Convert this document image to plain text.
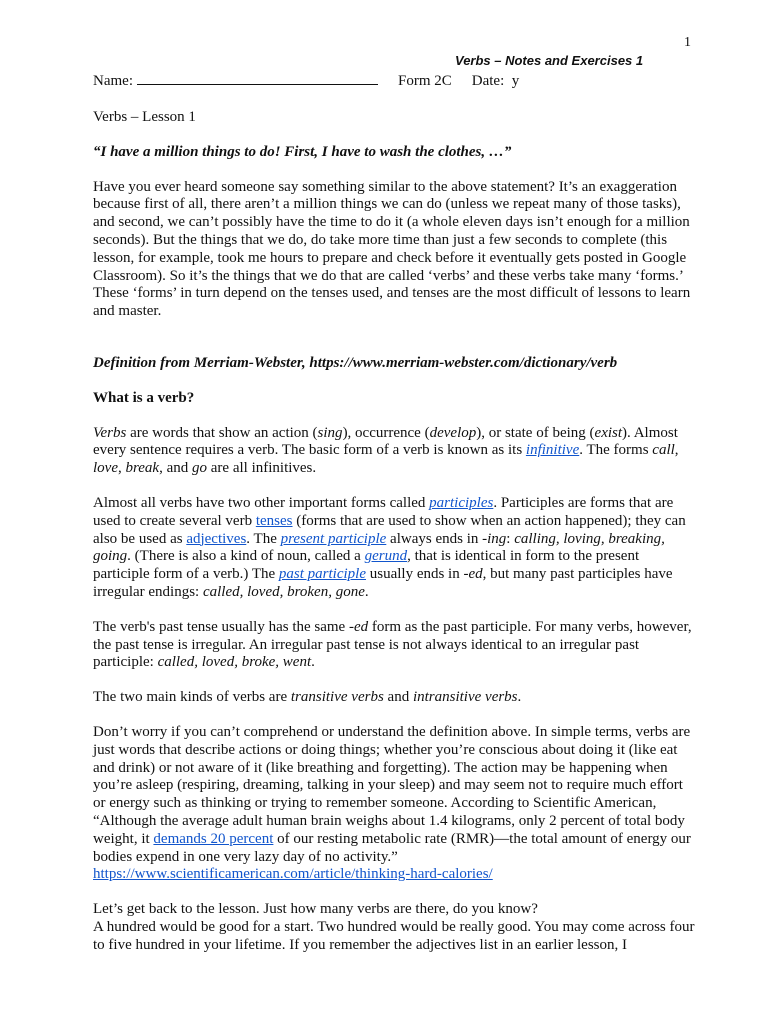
1
Verbs – Notes and Exercises 1
Name:	Form 2C Date: y

Verbs – Lesson 1

“I have a million things to do! First, I have to wash the clothes, …”

Have you ever heard someone say something similar to the above statement? It’s an exaggeration because first of all, there aren’t a million things we can do (unless we repeat many of those tasks), and second, we can’t possibly have the time to do it (a whole eleven days isn’t enough for a million seconds). But the things that we do, do take more time than just a few seconds to complete (this lesson, for example, took me hours to prepare and check before it eventually gets posted in Google Classroom). So it’s the things that we do that are called ‘verbs’ and these verbs take many ‘forms.’ These ‘forms’ in turn depend on the tenses used, and tenses are the most difficult of lessons to learn and master.

Definition from Merriam-Webster, https://www.merriam-webster.com/dictionary/verb

What is a verb?

Verbs are words that show an action (sing), occurrence (develop), or state of being (exist). Almost every sentence requires a verb. The basic form of a verb is known as its infinitive. The forms call, love, break, and go are all infinitives.

Almost all verbs have two other important forms called participles. Participles are forms that are used to create several verb tenses (forms that are used to show when an action happened); they can also be used as adjectives. The present participle always ends in -ing: calling, loving, breaking, going. (There is also a kind of noun, called a gerund, that is identical in form to the present participle form of a verb.) The past participle usually ends in -ed, but many past participles have irregular endings: called, loved, broken, gone.

The verb's past tense usually has the same -ed form as the past participle. For many verbs, however, the past tense is irregular. An irregular past tense is not always identical to an irregular past participle: called, loved, broke, went.

The two main kinds of verbs are transitive verbs and intransitive verbs.

Don’t worry if you can’t comprehend or understand the definition above. In simple terms, verbs are just words that describe actions or doing things; whether you’re conscious about doing it (like eat and drink) or not aware of it (like breathing and forgetting). The action may be happening when you’re asleep (respiring, dreaming, talking in your sleep) and may seem not to require much effort or energy such as thinking or trying to remember someone. According to Scientific American, “Although the average adult human brain weighs about 1.4 kilograms, only 2 percent of total body weight, it demands 20 percent of our resting metabolic rate (RMR)—the total amount of energy our bodies expend in one very lazy day of no activity.”
https://www.scientificamerican.com/article/thinking-hard-calories/

Let’s get back to the lesson. Just how many verbs are there, do you know?

A hundred would be good for a start. Two hundred would be really good. You may come across four to five hundred in your lifetime. If you remember the adjectives list in an earlier lesson, I
